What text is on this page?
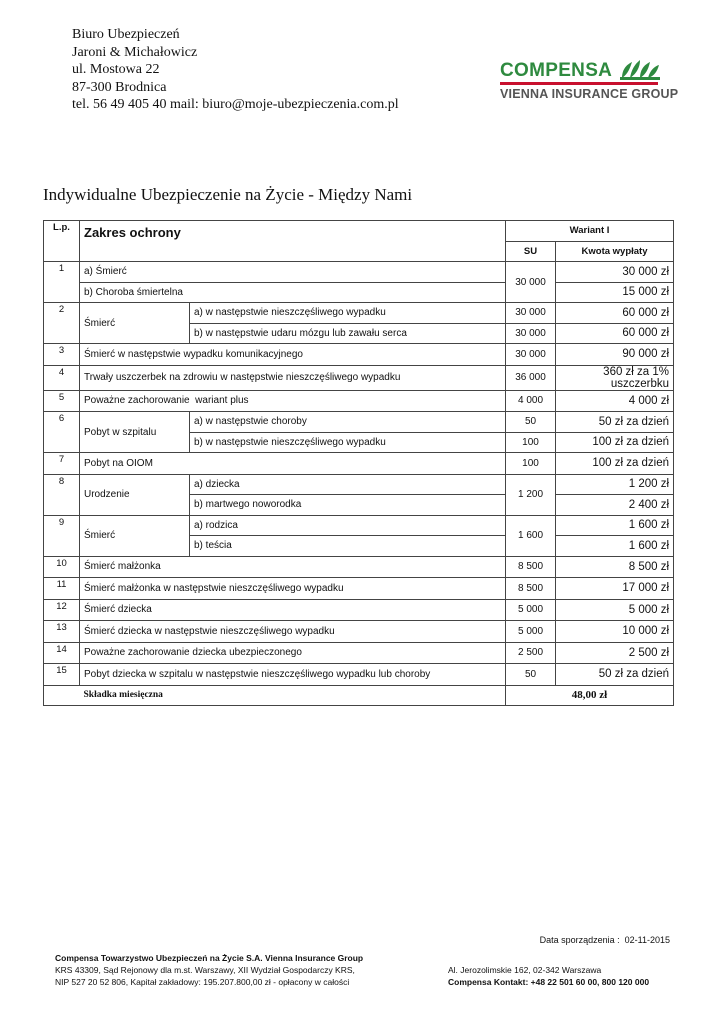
Biuro Ubezpieczeń
Jaroni & Michałowicz
ul. Mostowa 22
87-300 Brodnica
tel. 56 49 405 40 mail: biuro@moje-ubezpieczenia.com.pl
COMPENSA
VIENNA INSURANCE GROUP
Indywidualne Ubezpieczenie na Życie - Między Nami
L.p.	Zakres ochrony		Wariant I	
			SU	Kwota wypłaty
1	a) Śmierć		30 000	30 000 zł
	b) Choroba śmiertelna			15 000 zł
2	Śmierć	a) w następstwie nieszczęśliwego wypadku	30 000	60 000 zł
		b) w następstwie udaru mózgu lub zawału serca	30 000	60 000 zł
3	Śmierć w następstwie wypadku komunikacyjnego		30 000	90 000 zł
4	Trwały uszczerbek na zdrowiu w następstwie nieszczęśliwego wypadku		36 000	360 zł za 1%
uszczerbku

5	Poważne zachorowanie  wariant plus		4 000	4 000 zł
6	Pobyt w szpitalu	a) w następstwie choroby	50	50 zł za dzień
		b) w następstwie nieszczęśliwego wypadku	100	100 zł za dzień
7	Pobyt na OIOM		100	100 zł za dzień
8	Urodzenie	a) dziecka	1 200	1 200 zł
		b) martwego noworodka		2 400 zł
9	Śmierć	a) rodzica	1 600	1 600 zł
		b) teścia		1 600 zł
10	Śmierć małżonka		8 500	8 500 zł
11	Śmierć małżonka w następstwie nieszczęśliwego wypadku		8 500	17 000 zł
12	Śmierć dziecka		5 000	5 000 zł
13	Śmierć dziecka w następstwie nieszczęśliwego wypadku		5 000	10 000 zł
14	Poważne zachorowanie dziecka ubezpieczonego		2 500	2 500 zł
15	Pobyt dziecka w szpitalu w następstwie nieszczęśliwego wypadku lub choroby		50	50 zł za dzień
	Składka miesięczna		48,00 zł	
Data sporządzenia :  02-11-2015
Compensa Towarzystwo Ubezpieczeń na Życie S.A. Vienna Insurance Group
KRS 43309, Sąd Rejonowy dla m.st. Warszawy, XII Wydział Gospodarczy KRS,
NIP 527 20 52 806, Kapitał zakładowy: 195.207.800,00 zł - opłacony w całości
Al. Jerozolimskie 162, 02-342 Warszawa
Compensa Kontakt: +48 22 501 60 00, 800 120 000
